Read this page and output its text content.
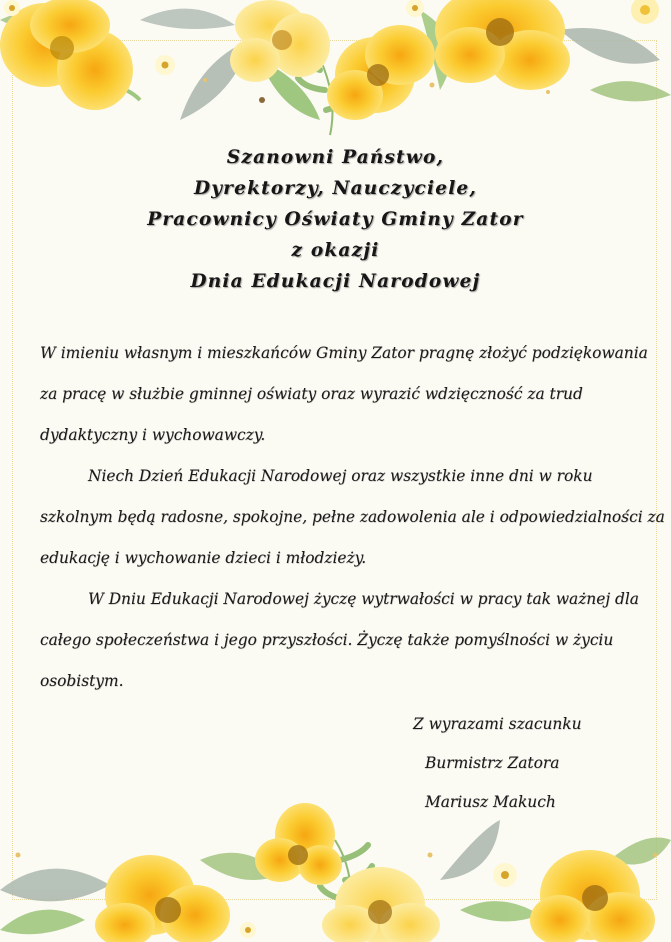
Szanowni Państwo,
Dyrektorzy, Nauczyciele,
Pracownicy Oświaty Gminy Zator
z okazji
Dnia Edukacji Narodowej
W imieniu własnym i mieszkańców Gminy Zator pragnę złożyć podziękowania
za pracę w służbie gminnej oświaty oraz wyrazić wdzięczność za trud
dydaktyczny i wychowawczy.
Niech Dzień Edukacji Narodowej oraz wszystkie inne dni w roku
szkolnym będą radosne, spokojne, pełne zadowolenia ale i odpowiedzialności za
edukację i wychowanie dzieci i młodzieży.
W Dniu Edukacji Narodowej życzę wytrwałości w pracy tak ważnej dla
całego społeczeństwa i jego przyszłości. Życzę także pomyślności w życiu
osobistym.
Z wyrazami szacunku
Burmistrz Zatora
Mariusz Makuch
